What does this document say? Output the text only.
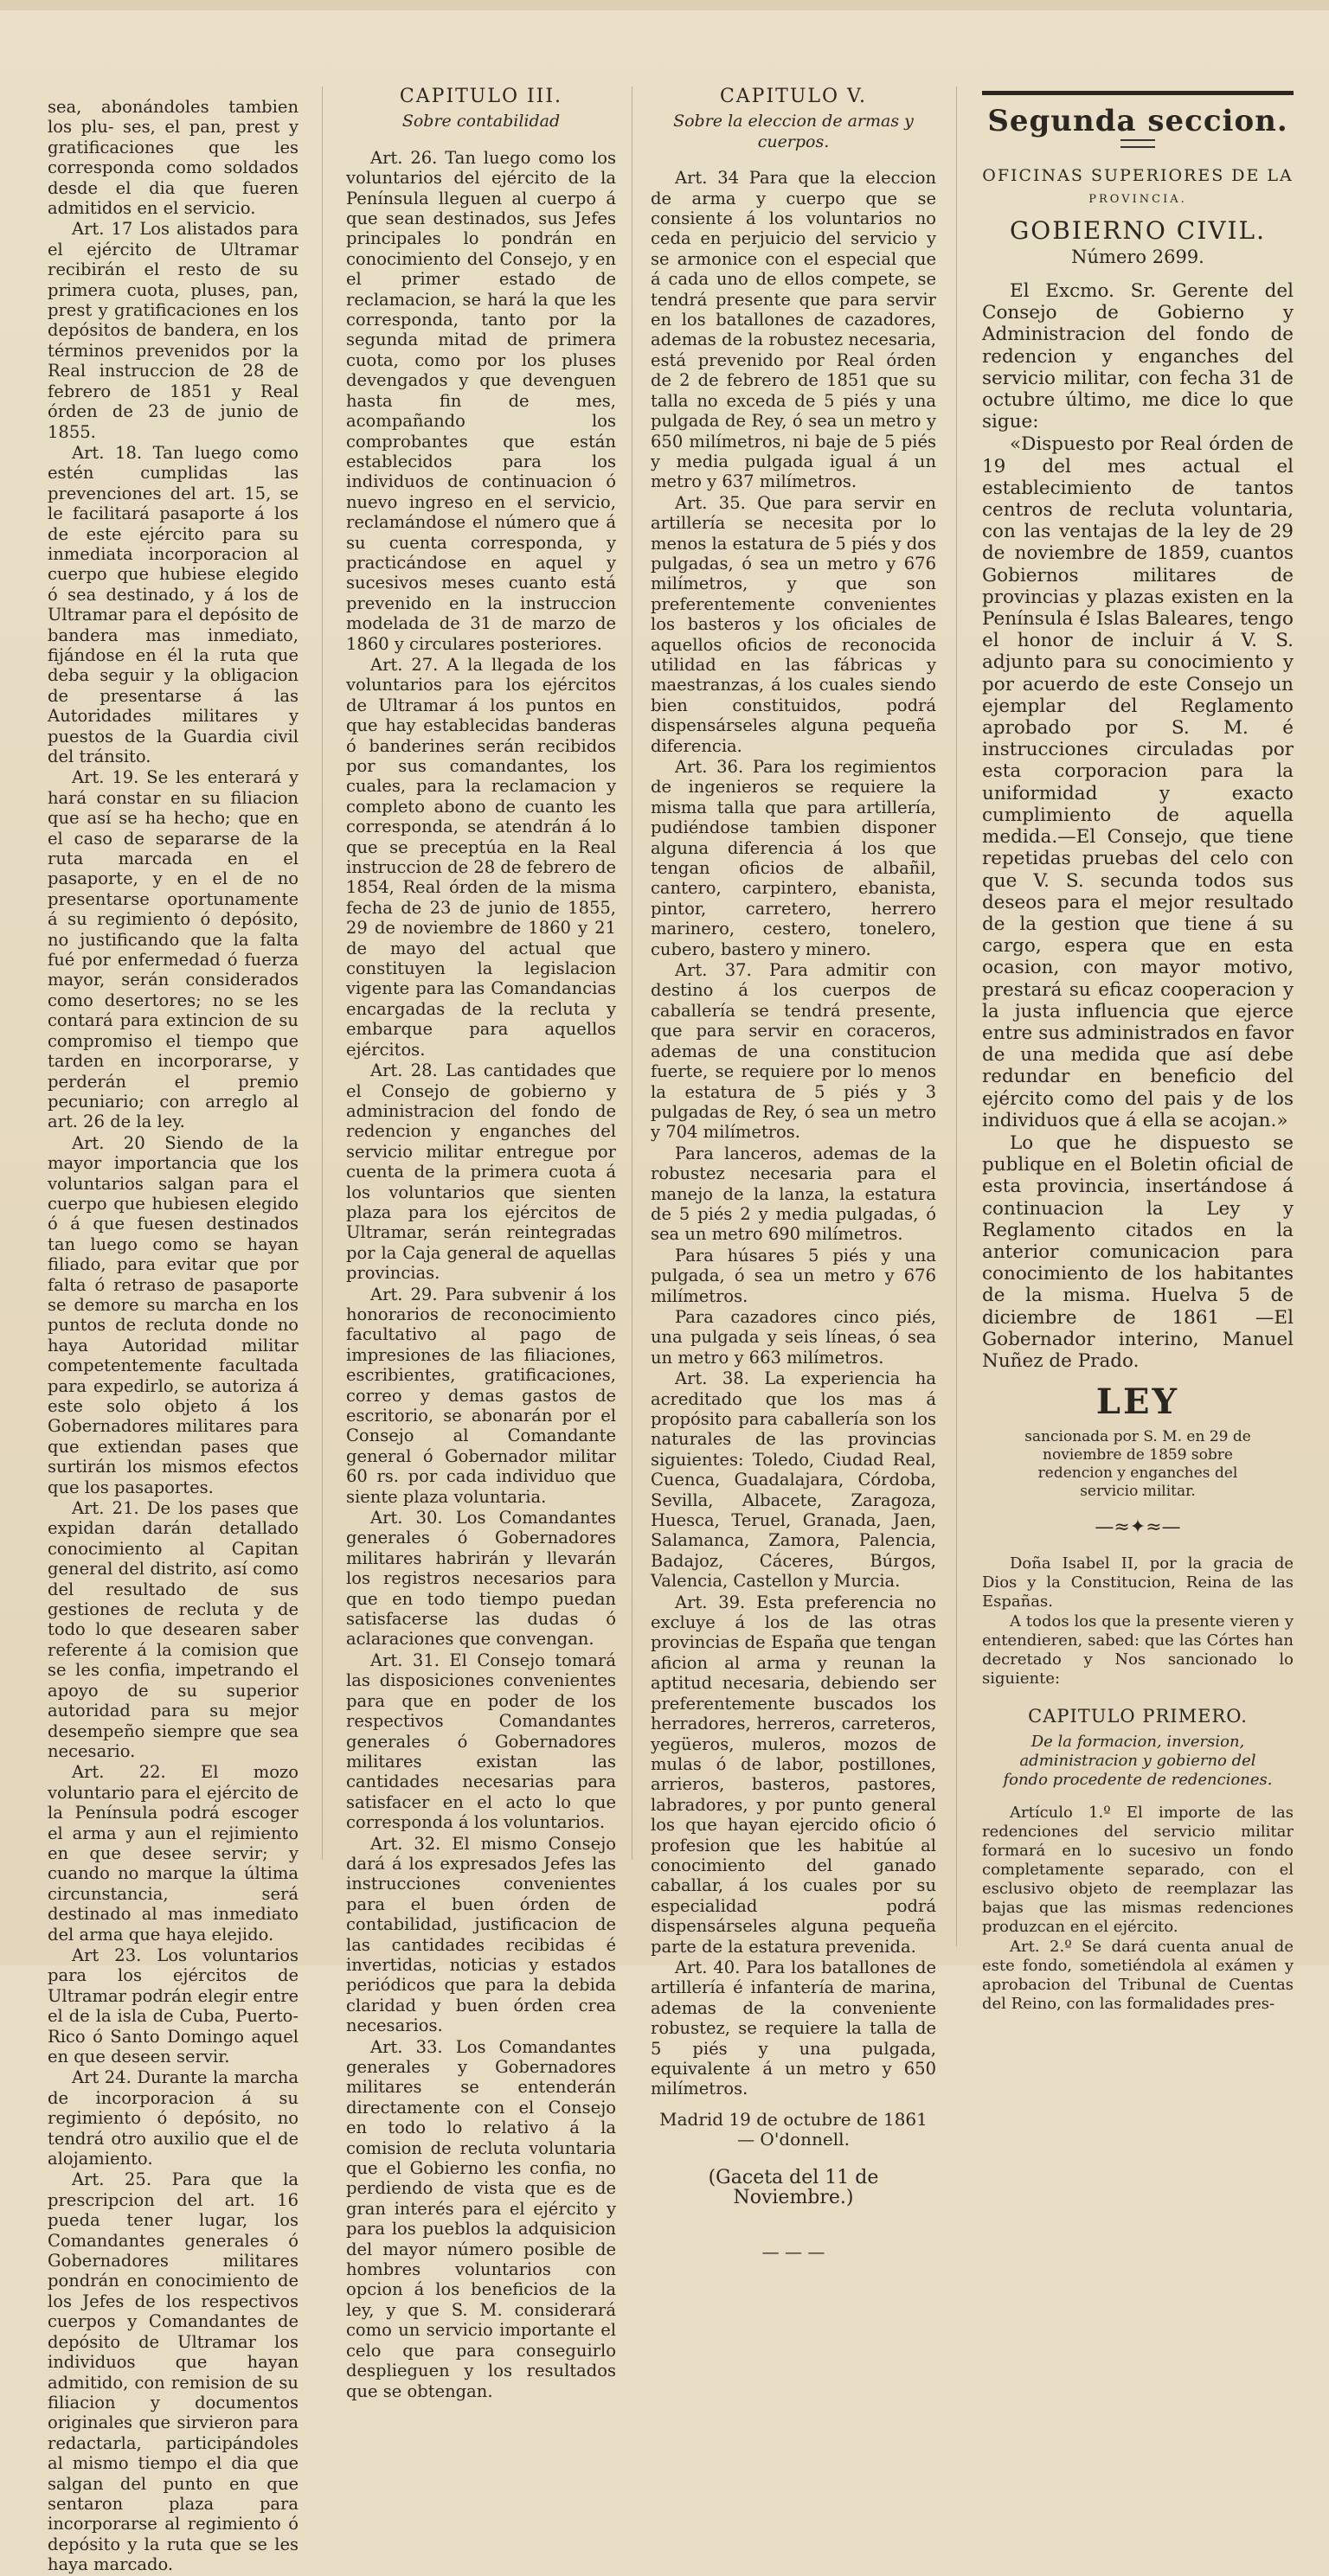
sea, abonándoles tambien los plu- ses, el pan, prest y gratificaciones que les corresponda como soldados desde el dia que fueren admitidos en el servicio.

Art. 17 Los alistados para el ejército de Ultramar recibirán el resto de su primera cuota, pluses, pan, prest y gratificaciones en los depósitos de bandera, en los términos prevenidos por la Real instruccion de 28 de febrero de 1851 y Real órden de 23 de junio de 1855.

Art. 18. Tan luego como estén cumplidas las prevenciones del art. 15, se le facilitará pasaporte á los de este ejército para su inmediata incorporacion al cuerpo que hubiese elegido ó sea destinado, y á los de Ultramar para el depósito de bandera mas inmediato, fijándose en él la ruta que deba seguir y la obligacion de presentarse á las Autoridades militares y puestos de la Guardia civil del tránsito.

Art. 19. Se les enterará y hará constar en su filiacion que así se ha hecho; que en el caso de separarse de la ruta marcada en el pasaporte, y en el de no presentarse oportunamente á su regimiento ó depósito, no justificando que la falta fué por enfermedad ó fuerza mayor, serán considerados como desertores; no se les contará para extincion de su compromiso el tiempo que tarden en incorporarse, y perderán el premio pecuniario; con arreglo al art. 26 de la ley.

Art. 20 Siendo de la mayor importancia que los voluntarios salgan para el cuerpo que hubiesen elegido ó á que fuesen destinados tan luego como se hayan filiado, para evitar que por falta ó retraso de pasaporte se demore su marcha en los puntos de recluta donde no haya Autoridad militar competentemente facultada para expedirlo, se autoriza á este solo objeto á los Gobernadores militares para que extiendan pases que surtirán los mismos efectos que los pasaportes.

Art. 21. De los pases que expidan darán detallado conocimiento al Capitan general del distrito, así como del resultado de sus gestiones de recluta y de todo lo que desearen saber referente á la comision que se les confia, impetrando el apoyo de su superior autoridad para su mejor desempeño siempre que sea necesario.

Art. 22. El mozo voluntario para el ejército de la Península podrá escoger el arma y aun el rejimiento en que desee servir; y cuando no marque la última circunstancia, será destinado al mas inmediato del arma que haya elejido.

Art 23. Los voluntarios para los ejércitos de Ultramar podrán elegir entre el de la isla de Cuba, Puerto-Rico ó Santo Domingo aquel en que deseen servir.

Art 24. Durante la marcha de incorporacion á su regimiento ó depósito, no tendrá otro auxilio que el de alojamiento.

Art. 25. Para que la prescripcion del art. 16 pueda tener lugar, los Comandantes generales ó Gobernadores militares pondrán en conocimiento de los Jefes de los respectivos cuerpos y Comandantes de depósito de Ultramar los individuos que hayan admitido, con remision de su filiacion y documentos originales que sirvieron para redactarla, participándoles al mismo tiempo el dia que salgan del punto en que sentaron plaza para incorporarse al regimiento ó depósito y la ruta que se les haya marcado.

CAPITULO III.
Sobre contabilidad

Art. 26. Tan luego como los voluntarios del ejército de la Península lleguen al cuerpo á que sean destinados, sus Jefes principales lo pondrán en conocimiento del Consejo, y en el primer estado de reclamacion, se hará la que les corresponda, tanto por la segunda mitad de primera cuota, como por los pluses devengados y que devenguen hasta fin de mes, acompañando los comprobantes que están establecidos para los individuos de continuacion ó nuevo ingreso en el servicio, reclamándose el número que á su cuenta corresponda, y practicándose en aquel y sucesivos meses cuanto está prevenido en la instruccion modelada de 31 de marzo de 1860 y circulares posteriores.

Art. 27. A la llegada de los voluntarios para los ejércitos de Ultramar á los puntos en que hay establecidas banderas ó banderines serán recibidos por sus comandantes, los cuales, para la reclamacion y completo abono de cuanto les corresponda, se atendrán á lo que se preceptúa en la Real instruccion de 28 de febrero de 1854, Real órden de la misma fecha de 23 de junio de 1855, 29 de noviembre de 1860 y 21 de mayo del actual que constituyen la legislacion vigente para las Comandancias encargadas de la recluta y embarque para aquellos ejércitos.

Art. 28. Las cantidades que el Consejo de gobierno y administracion del fondo de redencion y enganches del servicio militar entregue por cuenta de la primera cuota á los voluntarios que sienten plaza para los ejércitos de Ultramar, serán reintegradas por la Caja general de aquellas provincias.

Art. 29. Para subvenir á los honorarios de reconocimiento facultativo al pago de impresiones de las filiaciones, escribientes, gratificaciones, correo y demas gastos de escritorio, se abonarán por el Consejo al Comandante general ó Gobernador militar 60 rs. por cada individuo que siente plaza voluntaria.

Art. 30. Los Comandantes generales ó Gobernadores militares habrirán y llevarán los registros necesarios para que en todo tiempo puedan satisfacerse las dudas ó aclaraciones que convengan.

Art. 31. El Consejo tomará las disposiciones convenientes para que en poder de los respectivos Comandantes generales ó Gobernadores militares existan las cantidades necesarias para satisfacer en el acto lo que corresponda á los voluntarios.

Art. 32. El mismo Consejo dará á los expresados Jefes las instrucciones convenientes para el buen órden de contabilidad, justificacion de las cantidades recibidas é invertidas, noticias y estados periódicos que para la debida claridad y buen órden crea necesarios.

Art. 33. Los Comandantes generales y Gobernadores militares se entenderán directamente con el Consejo en todo lo relativo á la comision de recluta voluntaria que el Gobierno les confia, no perdiendo de vista que es de gran interés para el ejército y para los pueblos la adquisicion del mayor número posible de hombres voluntarios con opcion á los beneficios de la ley, y que S. M. considerará como un servicio importante el celo que para conseguirlo desplieguen y los resultados que se obtengan.

CAPITULO V.
Sobre la eleccion de armas y cuerpos.

Art. 34 Para que la eleccion de arma y cuerpo que se consiente á los voluntarios no ceda en perjuicio del servicio y se armonice con el especial que á cada uno de ellos compete, se tendrá presente que para servir en los batallones de cazadores, ademas de la robustez necesaria, está prevenido por Real órden de 2 de febrero de 1851 que su talla no exceda de 5 piés y una pulgada de Rey, ó sea un metro y 650 milímetros, ni baje de 5 piés y media pulgada igual á un metro y 637 milímetros.

Art. 35. Que para servir en artillería se necesita por lo menos la estatura de 5 piés y dos pulgadas, ó sea un metro y 676 milímetros, y que son preferentemente convenientes los basteros y los oficiales de aquellos oficios de reconocida utilidad en las fábricas y maestranzas, á los cuales siendo bien constituidos, podrá dispensárseles alguna pequeña diferencia.

Art. 36. Para los regimientos de ingenieros se requiere la misma talla que para artillería, pudiéndose tambien disponer alguna diferencia á los que tengan oficios de albañil, cantero, carpintero, ebanista, pintor, carretero, herrero marinero, cestero, tonelero, cubero, bastero y minero.

Art. 37. Para admitir con destino á los cuerpos de caballería se tendrá presente, que para servir en coraceros, ademas de una constitucion fuerte, se requiere por lo menos la estatura de 5 piés y 3 pulgadas de Rey, ó sea un metro y 704 milímetros.

Para lanceros, ademas de la robustez necesaria para el manejo de la lanza, la estatura de 5 piés 2 y media pulgadas, ó sea un metro 690 milímetros.

Para húsares 5 piés y una pulgada, ó sea un metro y 676 milímetros.

Para cazadores cinco piés, una pulgada y seis líneas, ó sea un metro y 663 milímetros.

Art. 38. La experiencia ha acreditado que los mas á propósito para caballería son los naturales de las provincias siguientes: Toledo, Ciudad Real, Cuenca, Guadalajara, Córdoba, Sevilla, Albacete, Zaragoza, Huesca, Teruel, Granada, Jaen, Salamanca, Zamora, Palencia, Badajoz, Cáceres, Búrgos, Valencia, Castellon y Murcia.

Art. 39. Esta preferencia no excluye á los de las otras provincias de España que tengan aficion al arma y reunan la aptitud necesaria, debiendo ser preferentemente buscados los herradores, herreros, carreteros, yegüeros, muleros, mozos de mulas ó de labor, postillones, arrieros, basteros, pastores, labradores, y por punto general los que hayan ejercido oficio ó profesion que les habitúe al conocimiento del ganado caballar, á los cuales por su especialidad podrá dispensárseles alguna pequeña parte de la estatura prevenida.

Art. 40. Para los batallones de artillería é infantería de marina, ademas de la conveniente robustez, se requiere la talla de 5 piés y una pulgada, equivalente á un metro y 650 milímetros.

Madrid 19 de octubre de 1861 — O'donnell.
(Gaceta del 11 de Noviembre.)
— — —
Segunda seccion.
OFICINAS SUPERIORES DE LA
PROVINCIA.
GOBIERNO CIVIL.
Número 2699.

El Excmo. Sr. Gerente del Consejo de Gobierno y Administracion del fondo de redencion y enganches del servicio militar, con fecha 31 de octubre último, me dice lo que sigue:

«Dispuesto por Real órden de 19 del mes actual el establecimiento de tantos centros de recluta voluntaria, con las ventajas de la ley de 29 de noviembre de 1859, cuantos Gobiernos militares de provincias y plazas existen en la Península é Islas Baleares, tengo el honor de incluir á V. S. adjunto para su conocimiento y por acuerdo de este Consejo un ejemplar del Reglamento aprobado por S. M. é instrucciones circuladas por esta corporacion para la uniformidad y exacto cumplimiento de aquella medida.—El Consejo, que tiene repetidas pruebas del celo con que V. S. secunda todos sus deseos para el mejor resultado de la gestion que tiene á su cargo, espera que en esta ocasion, con mayor motivo, prestará su eficaz cooperacion y la justa influencia que ejerce entre sus administrados en favor de una medida que así debe redundar en beneficio del ejército como del pais y de los individuos que á ella se acojan.»

Lo que he dispuesto se publique en el Boletin oficial de esta provincia, insertándose á continuacion la Ley y Reglamento citados en la anterior comunicacion para conocimiento de los habitantes de la misma. Huelva 5 de diciembre de 1861 —El Gobernador interino, Manuel Nuñez de Prado.

LEY
sancionada por S. M. en 29 de noviembre de 1859 sobre redencion y enganches del servicio militar.
—≈✦≈—

Doña Isabel II, por la gracia de Dios y la Constitucion, Reina de las Españas.

A todos los que la presente vieren y entendieren, sabed: que las Córtes han decretado y Nos sancionado lo siguiente:

CAPITULO PRIMERO.
De la formacion, inversion, administracion y gobierno del fondo procedente de redenciones.

Artículo 1.º El importe de las redenciones del servicio militar formará en lo sucesivo un fondo completamente separado, con el esclusivo objeto de reemplazar las bajas que las mismas redenciones produzcan en el ejército.

Art. 2.º Se dará cuenta anual de este fondo, sometiéndola al exámen y aprobacion del Tribunal de Cuentas del Reino, con las formalidades pres-
